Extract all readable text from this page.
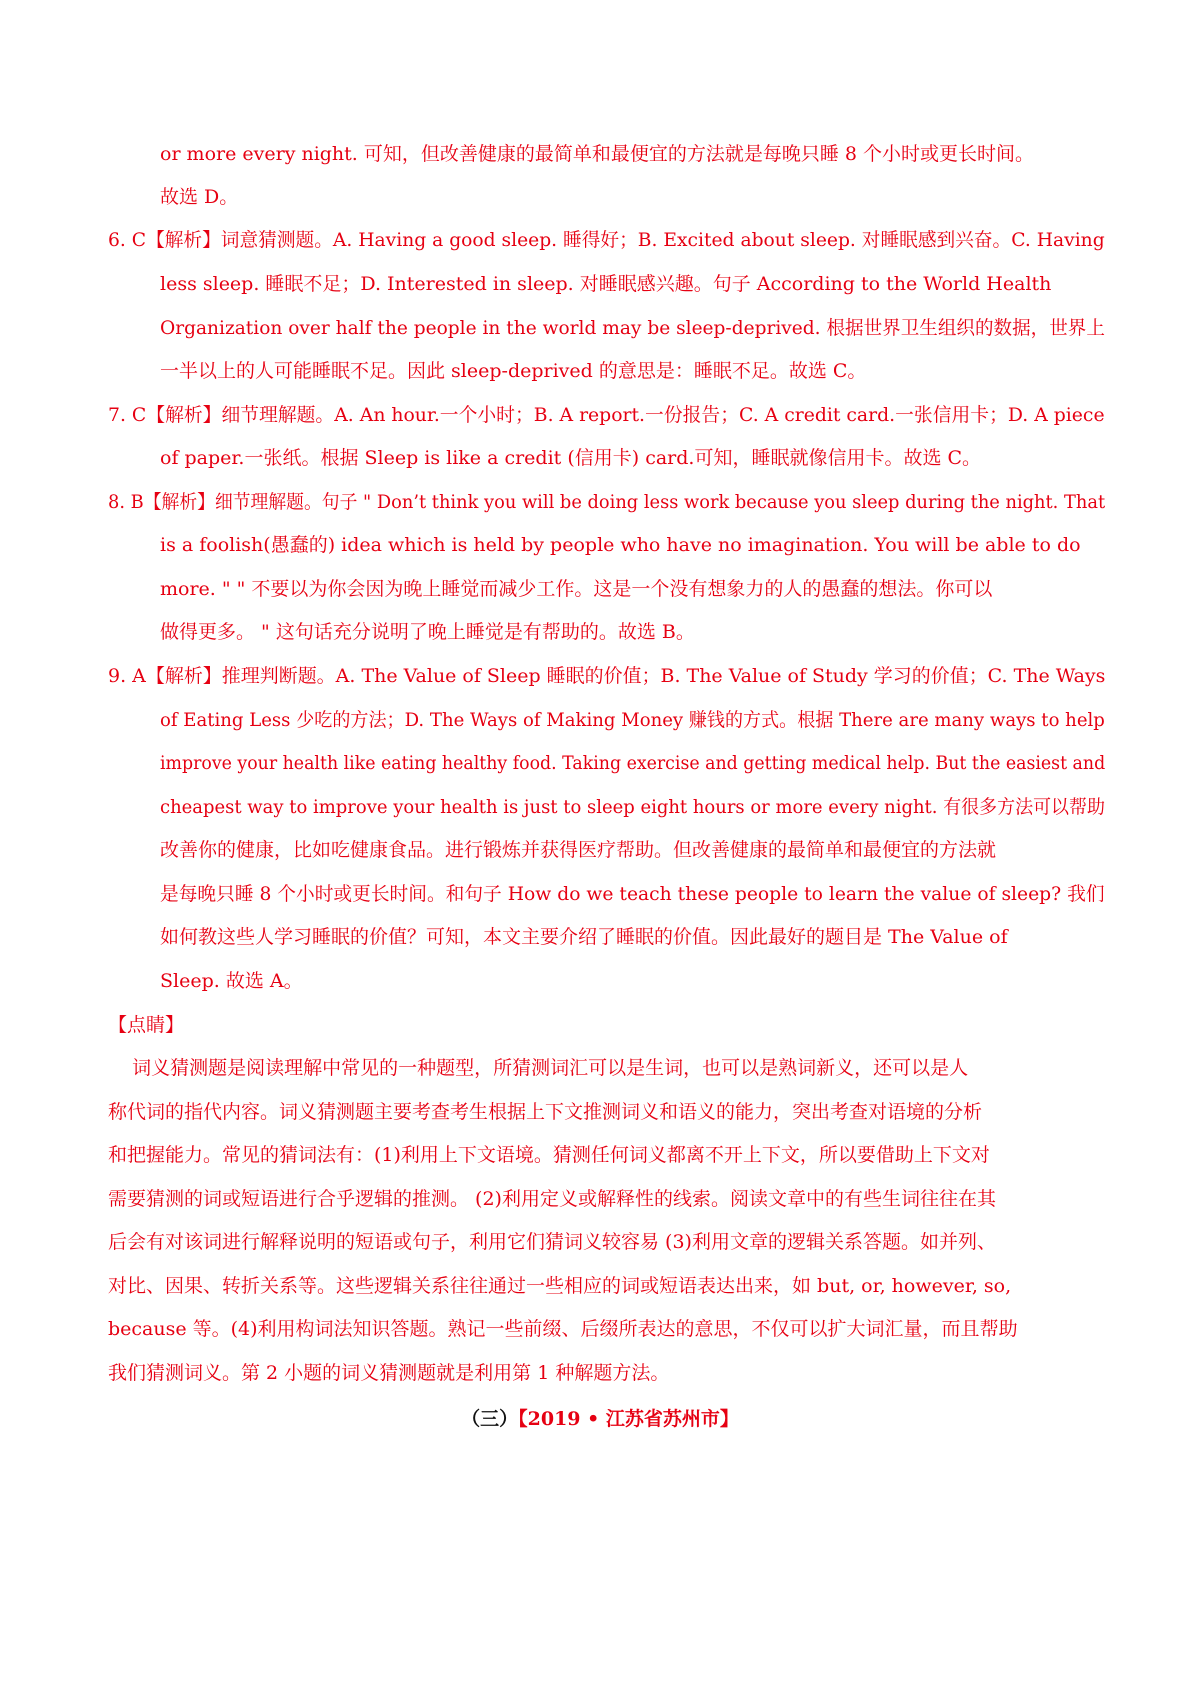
or more every night. 可知，但改善健康的最简单和最便宜的方法就是每晚只睡 8 个小时或更长时间。
故选 D。
6. C【解析】词意猜测题。A. Having a good sleep. 睡得好；B. Excited about sleep. 对睡眠感到兴奋。C. Having
less sleep. 睡眠不足；D. Interested in sleep. 对睡眠感兴趣。句子 According to the World Health
Organization over half the people in the world may be sleep-deprived. 根据世界卫生组织的数据，世界上
一半以上的人可能睡眠不足。因此 sleep-deprived 的意思是：睡眠不足。故选 C。
7. C【解析】细节理解题。A. An hour.一个小时；B. A report.一份报告；C. A credit card.一张信用卡；D. A piece
of paper.一张纸。根据 Sleep is like a credit (信用卡) card.可知，睡眠就像信用卡。故选 C。
8. B【解析】细节理解题。句子 " Don’t think you will be doing less work because you sleep during the night. That
is a foolish(愚蠢的) idea which is held by people who have no imagination. You will be able to do
more. " " 不要以为你会因为晚上睡觉而减少工作。这是一个没有想象力的人的愚蠢的想法。你可以
做得更多。 " 这句话充分说明了晚上睡觉是有帮助的。故选 B。
9. A【解析】推理判断题。A. The Value of Sleep 睡眠的价值；B. The Value of Study 学习的价值；C. The Ways
of Eating Less 少吃的方法；D. The Ways of Making Money 赚钱的方式。根据 There are many ways to help
improve your health like eating healthy food. Taking exercise and getting medical help. But the easiest and
cheapest way to improve your health is just to sleep eight hours or more every night. 有很多方法可以帮助
改善你的健康，比如吃健康食品。进行锻炼并获得医疗帮助。但改善健康的最简单和最便宜的方法就
是每晚只睡 8 个小时或更长时间。和句子 How do we teach these people to learn the value of sleep? 我们
如何教这些人学习睡眠的价值？可知，本文主要介绍了睡眠的价值。因此最好的题目是 The Value of
Sleep. 故选 A。
【点睛】
词义猜测题是阅读理解中常见的一种题型，所猜测词汇可以是生词，也可以是熟词新义，还可以是人
称代词的指代内容。词义猜测题主要考查考生根据上下文推测词义和语义的能力，突出考查对语境的分析
和把握能力。常见的猜词法有：(1)利用上下文语境。猜测任何词义都离不开上下文，所以要借助上下文对
需要猜测的词或短语进行合乎逻辑的推测。 (2)利用定义或解释性的线索。阅读文章中的有些生词往往在其
后会有对该词进行解释说明的短语或句子，利用它们猜词义较容易 (3)利用文章的逻辑关系答题。如并列、
对比、因果、转折关系等。这些逻辑关系往往通过一些相应的词或短语表达出来，如 but, or, however, so,
because 等。(4)利用构词法知识答题。熟记一些前缀、后缀所表达的意思，不仅可以扩大词汇量，而且帮助
我们猜测词义。第 2 小题的词义猜测题就是利用第 1 种解题方法。
（三）【2019 • 江苏省苏州市】
